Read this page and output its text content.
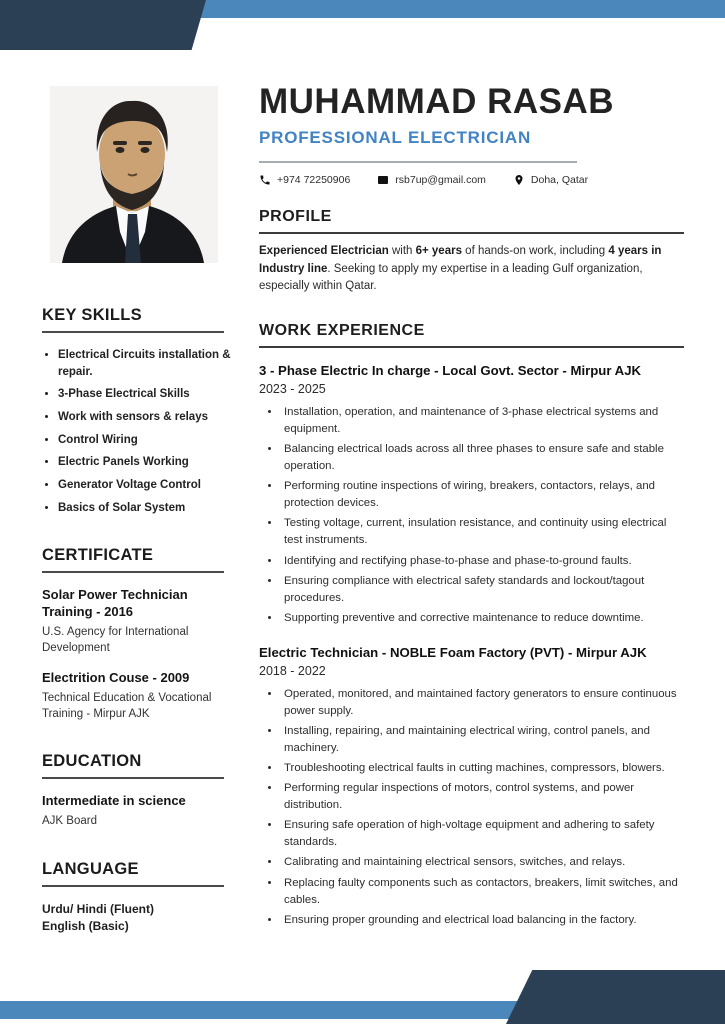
MUHAMMAD RASAB
PROFESSIONAL ELECTRICIAN
+974 72250906	rsb7up@gmail.com	Doha, Qatar
PROFILE
Experienced Electrician with 6+ years of hands-on work, including 4 years in Industry line. Seeking to apply my expertise in a leading Gulf organization, especially within Qatar.
WORK EXPERIENCE
3 - Phase Electric In charge - Local Govt. Sector - Mirpur AJK
2023 - 2025
• Installation, operation, and maintenance of 3-phase electrical systems and equipment.
• Balancing electrical loads across all three phases to ensure safe and stable operation.
• Performing routine inspections of wiring, breakers, contactors, relays, and protection devices.
• Testing voltage, current, insulation resistance, and continuity using electrical test instruments.
• Identifying and rectifying phase-to-phase and phase-to-ground faults.
• Ensuring compliance with electrical safety standards and lockout/tagout procedures.
• Supporting preventive and corrective maintenance to reduce downtime.
Electric Technician - NOBLE Foam Factory (PVT) - Mirpur AJK
2018 - 2022
• Operated, monitored, and maintained factory generators to ensure continuous power supply.
• Installing, repairing, and maintaining electrical wiring, control panels, and machinery.
• Troubleshooting electrical faults in cutting machines, compressors, blowers.
• Performing regular inspections of motors, control systems, and power distribution.
• Ensuring safe operation of high-voltage equipment and adhering to safety standards.
• Calibrating and maintaining electrical sensors, switches, and relays.
• Replacing faulty components such as contactors, breakers, limit switches, and cables.
• Ensuring proper grounding and electrical load balancing in the factory.
KEY SKILLS
• Electrical Circuits installation & repair.
• 3-Phase Electrical Skills
• Work with sensors & relays
• Control Wiring
• Electric Panels Working
• Generator Voltage Control
• Basics of Solar System
CERTIFICATE
Solar Power Technician Training - 2016
U.S. Agency for International Development
Electrition Couse - 2009
Technical Education & Vocational Training - Mirpur AJK
EDUCATION
Intermediate in science
AJK Board
LANGUAGE
Urdu/ Hindi (Fluent)
English (Basic)
